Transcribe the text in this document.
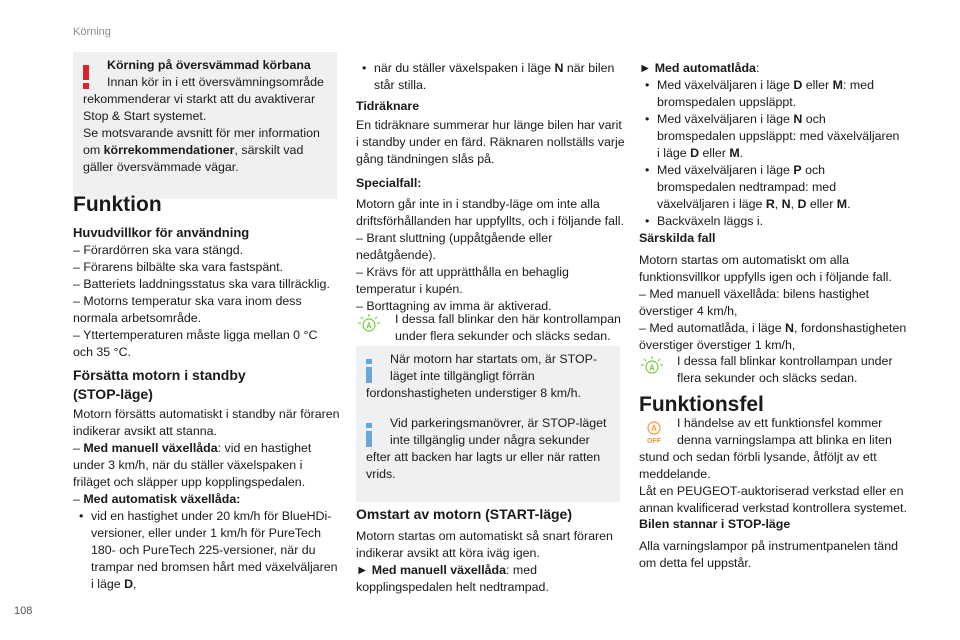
Körning
108

Körning på översvämmad körbana

Innan kör in i ett översvämningsområde

rekommenderar vi starkt att du avaktiverar

Stop & Start systemet.

Se motsvarande avsnitt för mer information

om körrekommendationer, särskilt vad

gäller översvämmade vägar.

Funktion
Huvudvillkor för användning

– Förardörren ska vara stängd.

– Förarens bilbälte ska vara fastspänt.

– Batteriets laddningsstatus ska vara tillräcklig.

– Motorns temperatur ska vara inom dess

normala arbetsområde.

– Yttertemperaturen måste ligga mellan 0 °C

och 35 °C.

Försätta motorn i standby
(STOP-läge)

Motorn försätts automatiskt i standby när föraren

indikerar avsikt att stanna.

– Med manuell växellåda: vid en hastighet

under 3 km/h, när du ställer växelspaken i

friläget och släpper upp kopplingspedalen.

– Med automatisk växellåda:

• vid en hastighet under 20 km/h för BlueHDi-

versioner, eller under 1 km/h för PureTech

180- och PureTech 225-versioner, när du

trampar ned bromsen hårt med växelväljaren

i läge D,

• när du ställer växelspaken i läge N när bilen

står stilla.

Tidräknare

En tidräknare summerar hur länge bilen har varit

i standby under en färd. Räknaren nollställs varje

gång tändningen slås på.

Specialfall:

Motorn går inte in i standby-läge om inte alla

driftsförhållanden har uppfyllts, och i följande fall.

– Brant sluttning (uppåtgående eller

nedåtgående).

– Krävs för att upprätthålla en behaglig

temperatur i kupén.

– Borttagning av imma är aktiverad.

A I dessa fall blinkar den här kontrollampan

under flera sekunder och släcks sedan.

När motorn har startats om, är STOP-

läget inte tillgängligt förrän

fordonshastigheten understiger 8 km/h.

Vid parkeringsmanövrer, är STOP-läget

inte tillgänglig under några sekunder

efter att backen har lagts ur eller när ratten

vrids.

Omstart av motorn (START-läge)

Motorn startas om automatiskt så snart föraren

indikerar avsikt att köra iväg igen.

► Med manuell växellåda: med

kopplingspedalen helt nedtrampad.

► Med automatlåda:

• Med växelväljaren i läge D eller M: med

bromspedalen uppsläppt.

• Med växelväljaren i läge N och

bromspedalen uppsläppt: med växelväljaren

i läge D eller M.

• Med växelväljaren i läge P och

bromspedalen nedtrampad: med

växelväljaren i läge R, N, D eller M.

• Backväxeln läggs i.

Särskilda fall

Motorn startas om automatiskt om alla

funktionsvillkor uppfylls igen och i följande fall.

– Med manuell växellåda: bilens hastighet

överstiger 4 km/h,

– Med automatlåda, i läge N, fordonshastigheten

överstiger överstiger 1 km/h,

A I dessa fall blinkar kontrollampan under

flera sekunder och släcks sedan.

Funktionsfel
A
OFF

I händelse av ett funktionsfel kommer

denna varningslampa att blinka en liten

stund och sedan förbli lysande, åtföljt av ett

meddelande.

Låt en PEUGEOT-auktoriserad verkstad eller en

annan kvalificerad verkstad kontrollera systemet.

Bilen stannar i STOP-läge

Alla varningslampor på instrumentpanelen tänd

om detta fel uppstår.
